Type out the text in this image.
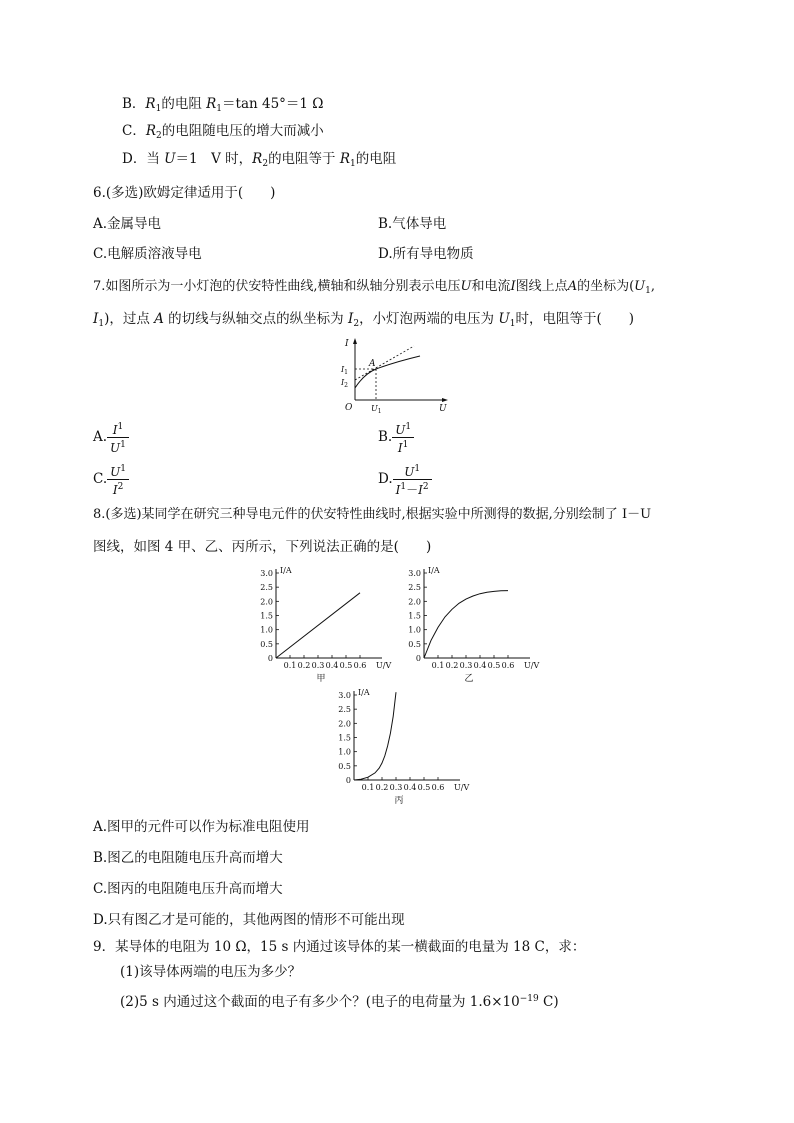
B．$R_1$的电阻 $R_1=\tan$ 45°＝1 Ω
C．$R_2$的电阻随电压的增大而减小
D．当 U＝1　V 时，$R_2$的电阻等于 $R_1$的电阻
6.(多选)欧姆定律适用于(　　)
A.金属导电	B.气体导电
C.电解质溶液导电	D.所有导电物质
7.如图所示为一小灯泡的伏安特性曲线,横轴和纵轴分别表示电压U和电流I图线上点A的坐标为($U_1$,
$I_1$)，过点 A 的切线与纵轴交点的纵坐标为 $I_2$，小灯泡两端的电压为 $U_1$时，电阻等于(　　)
I
A
$I_1$
$I_2$
O $U_1$	U
A. $\frac{I^1}{U^1}$	B. $\frac{U^1}{I^1}$
C. $\frac{U^1}{I^2}$	D. $\frac{U^1}{I^1-I^2}$
8.(多选)某同学在研究三种导电元件的伏安特性曲线时,根据实验中所测得的数据,分别绘制了 I－U
图线，如图 4 甲、乙、丙所示，下列说法正确的是(　　)
0
0.5
1.0
1.5
2.0
2.5
3.0
0.1 0.2 0.3 0.4 0.5 0.6
I/A
U/V
甲
0
0.5
1.0
1.5
2.0
2.5
3.0
0.1 0.2 0.3 0.4 0.5 0.6
I/A
U/V
乙
0
0.5
1.0
1.5
2.0
2.5
3.0
0.1 0.2 0.3 0.4 0.5 0.6
I/A
U/V
丙
A.图甲的元件可以作为标准电阻使用
B.图乙的电阻随电压升高而增大
C.图丙的电阻随电压升高而增大
D.只有图乙才是可能的，其他两图的情形不可能出现
9．某导体的电阻为 10 Ω，15 s 内通过该导体的某一横截面的电量为 18 C，求：
(1)该导体两端的电压为多少？
(2)5 s 内通过这个截面的电子有多少个？(电子的电荷量为 $1.6\times 10^{-19}$ C)
